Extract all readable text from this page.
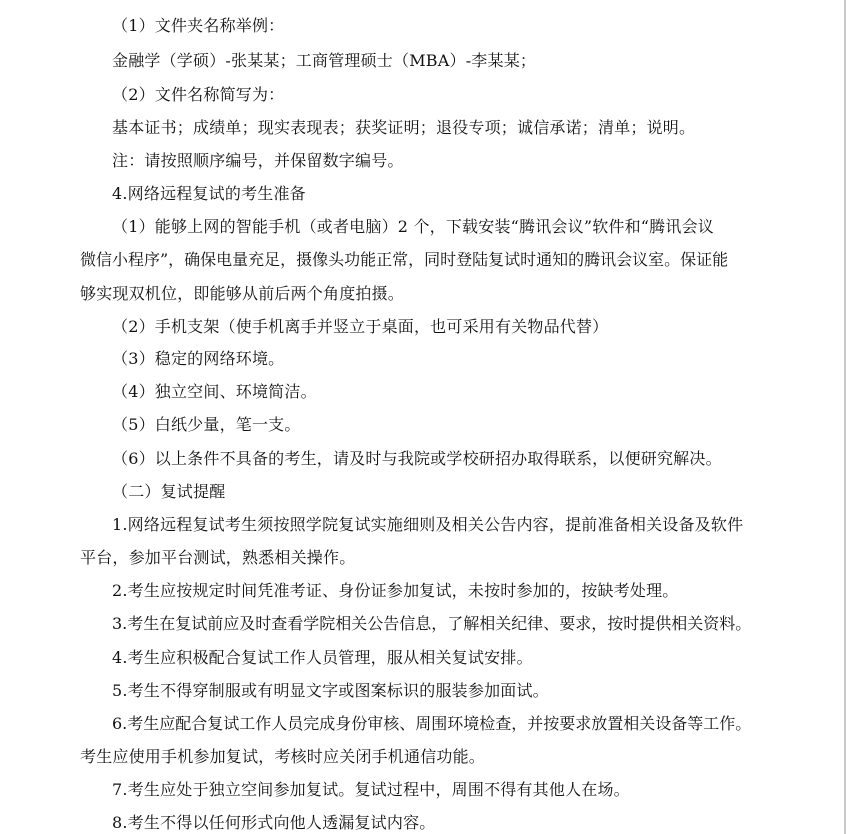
（1）文件夹名称举例：

金融学（学硕）-张某某；工商管理硕士（MBA）-李某某；

（2）文件名称简写为：

基本证书；成绩单；现实表现表；获奖证明；退役专项；诚信承诺；清单；说明。

注：请按照顺序编号，并保留数字编号。

4.网络远程复试的考生准备

（1）能够上网的智能手机（或者电脑）2 个，下载安装“腾讯会议”软件和“腾讯会议

微信小程序”，确保电量充足，摄像头功能正常，同时登陆复试时通知的腾讯会议室。保证能

够实现双机位，即能够从前后两个角度拍摄。

（2）手机支架（使手机离手并竖立于桌面，也可采用有关物品代替）

（3）稳定的网络环境。

（4）独立空间、环境简洁。

（5）白纸少量，笔一支。

（6）以上条件不具备的考生，请及时与我院或学校研招办取得联系，以便研究解决。

（二）复试提醒

1.网络远程复试考生须按照学院复试实施细则及相关公告内容，提前准备相关设备及软件

平台，参加平台测试，熟悉相关操作。

2.考生应按规定时间凭准考证、身份证参加复试，未按时参加的，按缺考处理。

3.考生在复试前应及时查看学院相关公告信息，了解相关纪律、要求，按时提供相关资料。

4.考生应积极配合复试工作人员管理，服从相关复试安排。

5.考生不得穿制服或有明显文字或图案标识的服装参加面试。

6.考生应配合复试工作人员完成身份审核、周围环境检查，并按要求放置相关设备等工作。

考生应使用手机参加复试，考核时应关闭手机通信功能。

7.考生应处于独立空间参加复试。复试过程中，周围不得有其他人在场。

8.考生不得以任何形式向他人透漏复试内容。
